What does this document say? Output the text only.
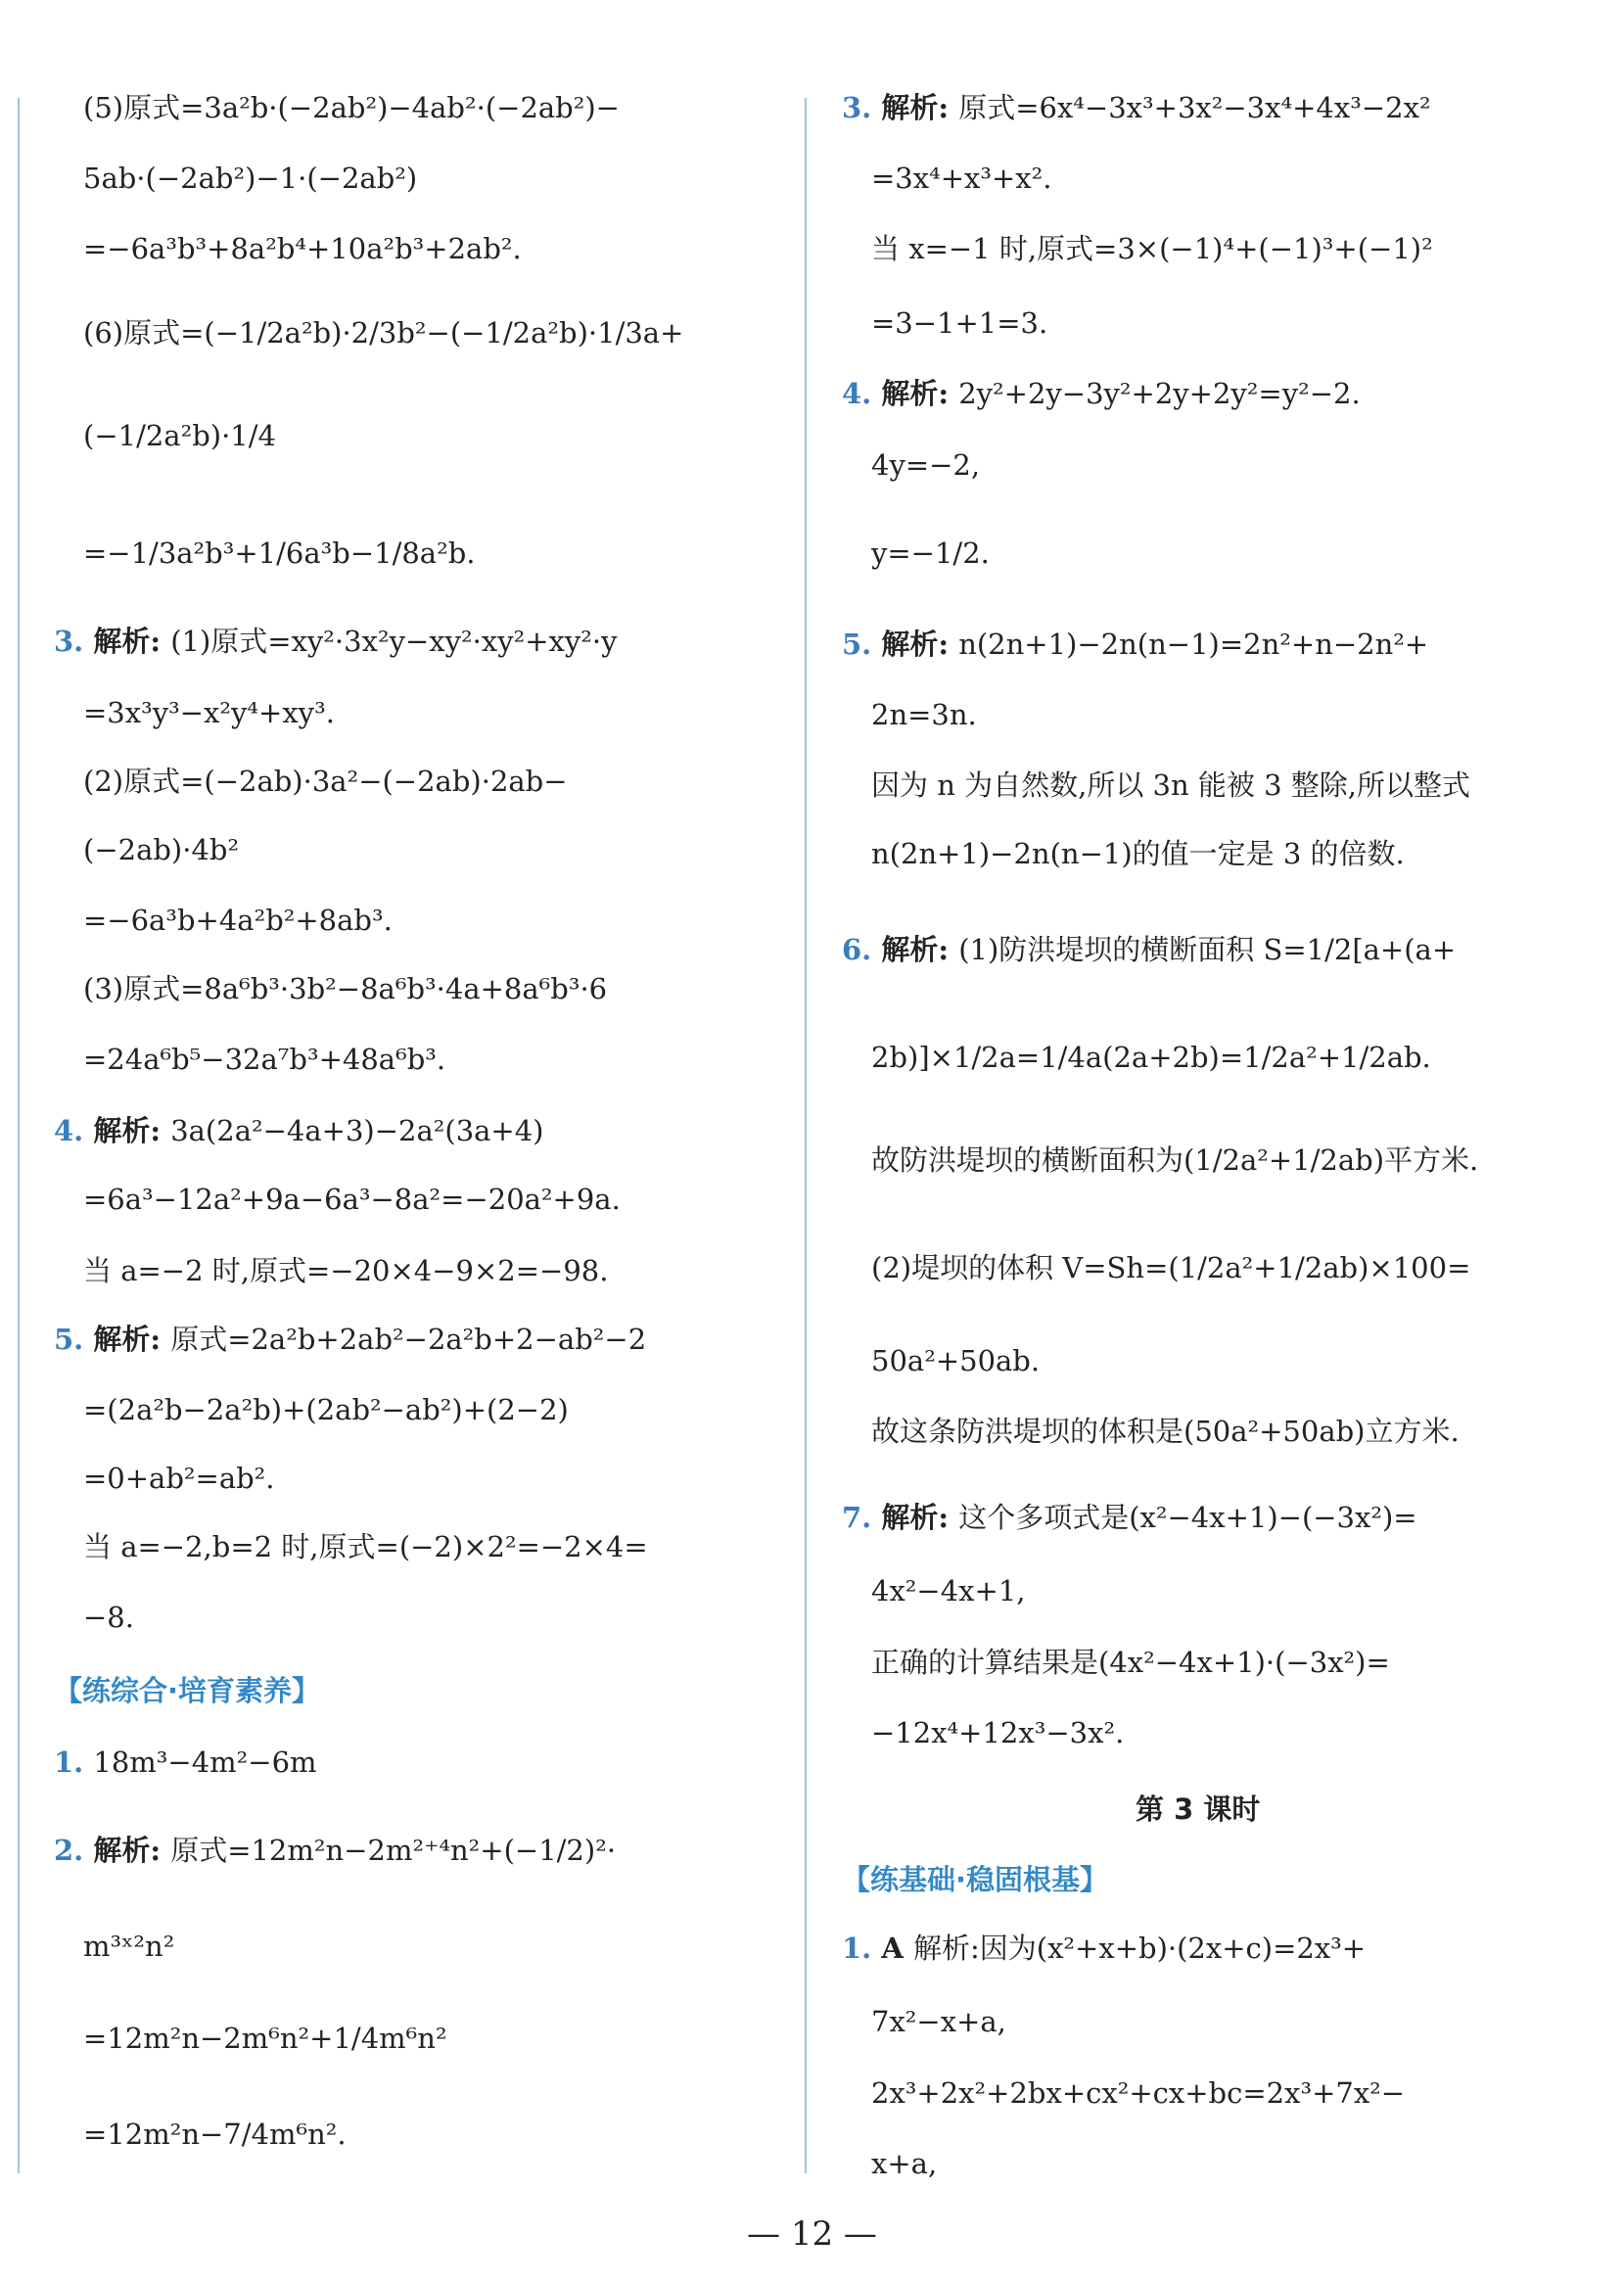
(5)原式=3a²b·(−2ab²)−4ab²·(−2ab²)−
5ab·(−2ab²)−1·(−2ab²)
=−6a³b³+8a²b⁴+10a²b³+2ab².
(6)原式=(−1/2a²b)·2/3b²−(−1/2a²b)·1/3a+
(−1/2a²b)·1/4
=−1/3a²b³+1/6a³b−1/8a²b.
3. 解析: (1)原式=xy²·3x²y−xy²·xy²+xy²·y
=3x³y³−x²y⁴+xy³.
(2)原式=(−2ab)·3a²−(−2ab)·2ab−
(−2ab)·4b²
=−6a³b+4a²b²+8ab³.
(3)原式=8a⁶b³·3b²−8a⁶b³·4a+8a⁶b³·6
=24a⁶b⁵−32a⁷b³+48a⁶b³.
4. 解析: 3a(2a²−4a+3)−2a²(3a+4)
=6a³−12a²+9a−6a³−8a²=−20a²+9a.
当 a=−2 时,原式=−20×4−9×2=−98.
5. 解析: 原式=2a²b+2ab²−2a²b+2−ab²−2
=(2a²b−2a²b)+(2ab²−ab²)+(2−2)
=0+ab²=ab².
当 a=−2,b=2 时,原式=(−2)×2²=−2×4=
−8.
【练综合·培育素养】
1. 18m³−4m²−6m
2. 解析: 原式=12m²n−2m²⁺⁴n²+(−1/2)²·
m³ˣ²n²
=12m²n−2m⁶n²+1/4m⁶n²
=12m²n−7/4m⁶n².
3. 解析: 原式=6x⁴−3x³+3x²−3x⁴+4x³−2x²
=3x⁴+x³+x².
当 x=−1 时,原式=3×(−1)⁴+(−1)³+(−1)²
=3−1+1=3.
4. 解析: 2y²+2y−3y²+2y+2y²=y²−2.
4y=−2,
y=−1/2.
5. 解析: n(2n+1)−2n(n−1)=2n²+n−2n²+
2n=3n.
因为 n 为自然数,所以 3n 能被 3 整除,所以整式
n(2n+1)−2n(n−1)的值一定是 3 的倍数.
6. 解析: (1)防洪堤坝的横断面积 S=1/2[a+(a+
2b)]×1/2a=1/4a(2a+2b)=1/2a²+1/2ab.
故防洪堤坝的横断面积为(1/2a²+1/2ab)平方米.
(2)堤坝的体积 V=Sh=(1/2a²+1/2ab)×100=
50a²+50ab.
故这条防洪堤坝的体积是(50a²+50ab)立方米.
7. 解析: 这个多项式是(x²−4x+1)−(−3x²)=
4x²−4x+1,
正确的计算结果是(4x²−4x+1)·(−3x²)=
−12x⁴+12x³−3x².
第 3 课时
【练基础·稳固根基】
1. A 解析:因为(x²+x+b)·(2x+c)=2x³+
7x²−x+a,
2x³+2x²+2bx+cx²+cx+bc=2x³+7x²−
x+a,
— 12 —
